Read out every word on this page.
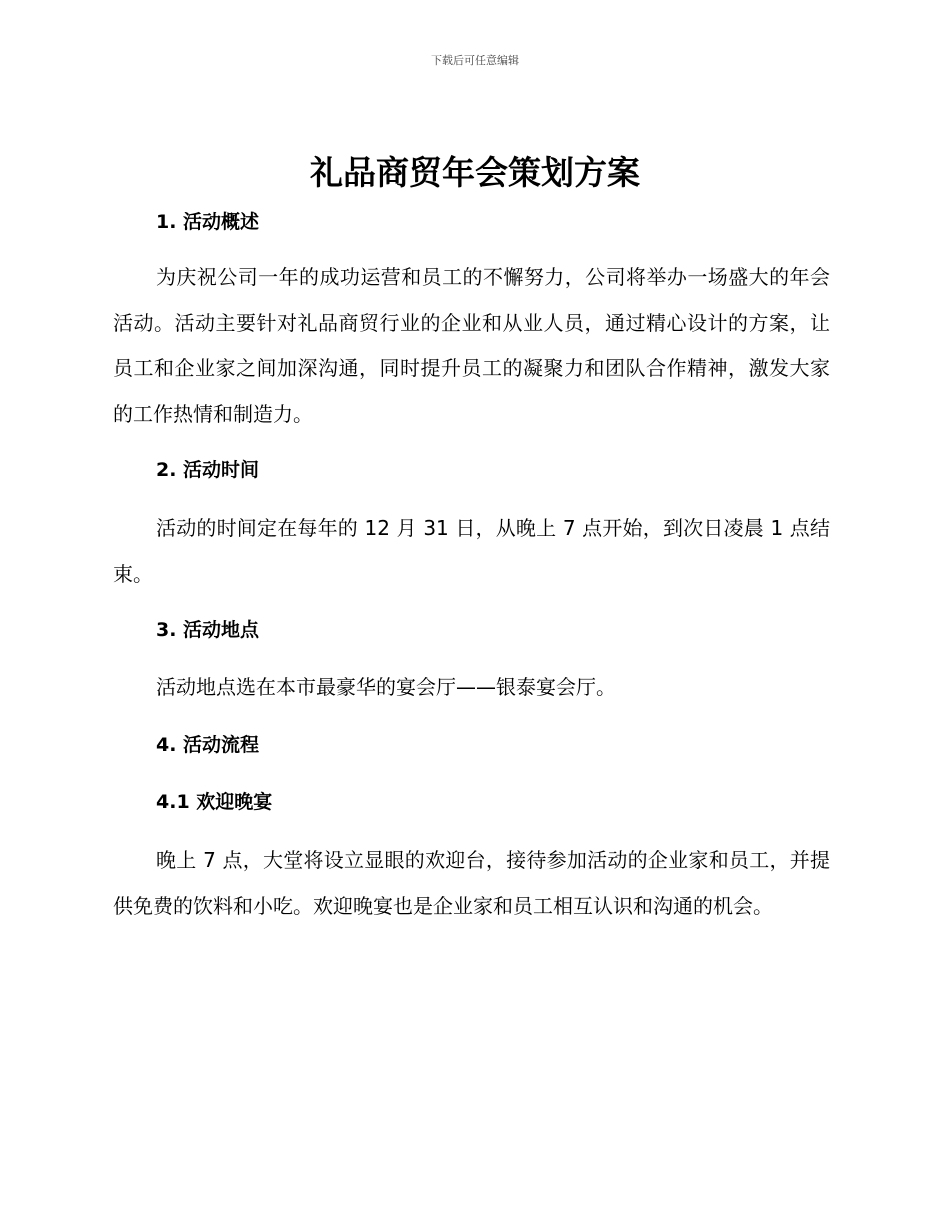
下载后可任意编辑
礼品商贸年会策划方案
1. 活动概述

为庆祝公司一年的成功运营和员工的不懈努力，公司将举办一场盛大的年会活动。活动主要针对礼品商贸行业的企业和从业人员，通过精心设计的方案，让员工和企业家之间加深沟通，同时提升员工的凝聚力和团队合作精神，激发大家的工作热情和制造力。

2. 活动时间

活动的时间定在每年的 12 月 31 日，从晚上 7 点开始，到次日凌晨 1 点结束。

3. 活动地点

活动地点选在本市最豪华的宴会厅——银泰宴会厅。

4. 活动流程
4.1 欢迎晚宴

晚上 7 点，大堂将设立显眼的欢迎台，接待参加活动的企业家和员工，并提供免费的饮料和小吃。欢迎晚宴也是企业家和员工相互认识和沟通的机会。
